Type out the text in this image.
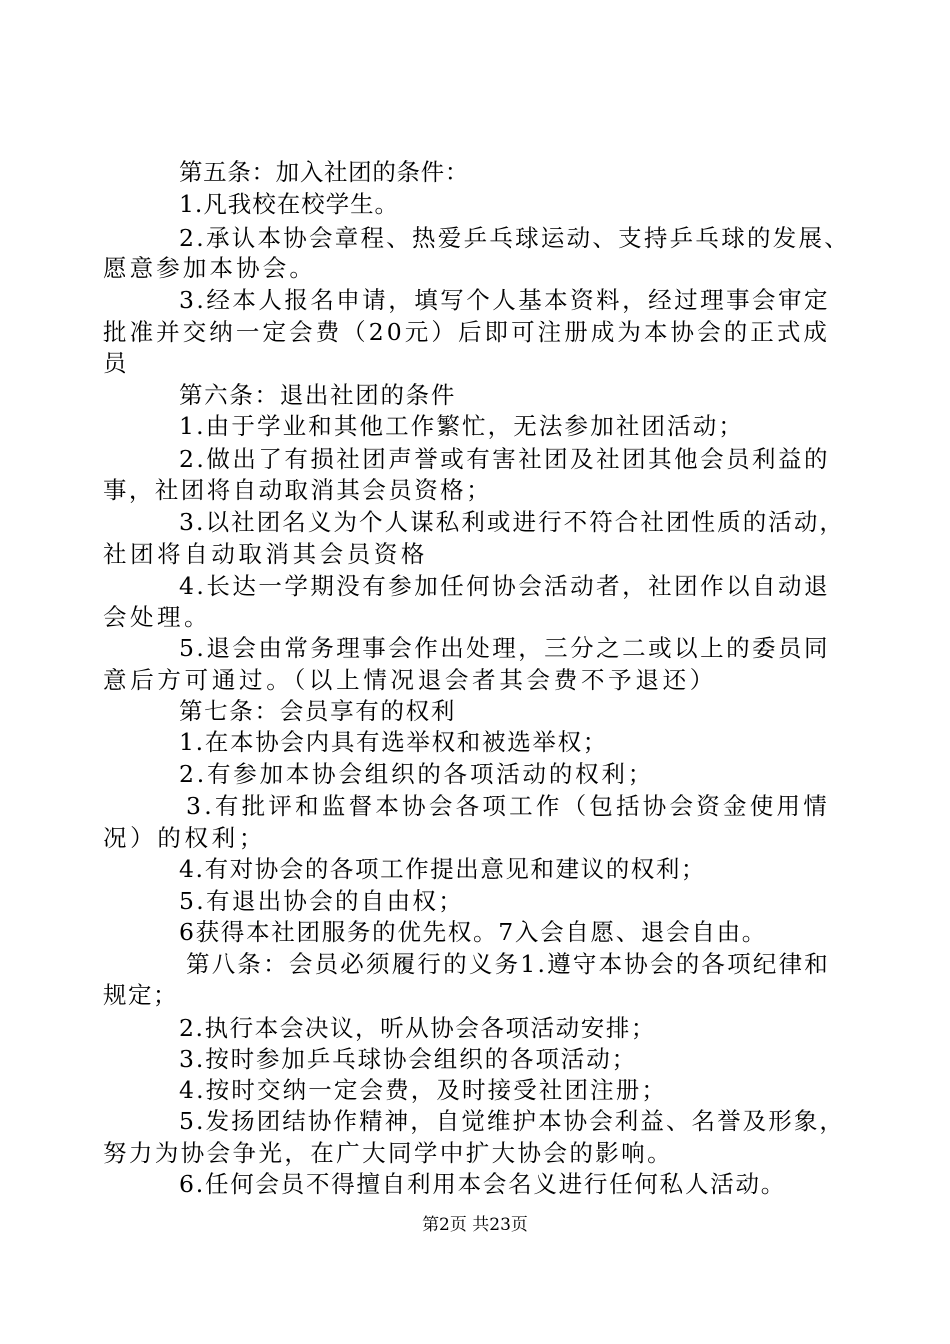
第五条：加入社团的条件：
1.凡我校在校学生。
2.承认本协会章程、热爱乒乓球运动、支持乒乓球的发展、
愿意参加本协会。
3.经本人报名申请，填写个人基本资料，经过理事会审定
批准并交纳一定会费（20元）后即可注册成为本协会的正式成
员
第六条：退出社团的条件
1.由于学业和其他工作繁忙，无法参加社团活动；
2.做出了有损社团声誉或有害社团及社团其他会员利益的
事，社团将自动取消其会员资格；
3.以社团名义为个人谋私利或进行不符合社团性质的活动，
社团将自动取消其会员资格
4.长达一学期没有参加任何协会活动者，社团作以自动退
会处理。
5.退会由常务理事会作出处理，三分之二或以上的委员同
意后方可通过。（以上情况退会者其会费不予退还）
第七条：会员享有的权利
1.在本协会内具有选举权和被选举权；
2.有参加本协会组织的各项活动的权利；
3.有批评和监督本协会各项工作（包括协会资金使用情
况）的权利；
4.有对协会的各项工作提出意见和建议的权利；
5.有退出协会的自由权；
6获得本社团服务的优先权。7入会自愿、退会自由。
第八条：会员必须履行的义务1.遵守本协会的各项纪律和
规定；
2.执行本会决议，听从协会各项活动安排；
3.按时参加乒乓球协会组织的各项活动；
4.按时交纳一定会费，及时接受社团注册；
5.发扬团结协作精神，自觉维护本协会利益、名誉及形象，
努力为协会争光，在广大同学中扩大协会的影响。
6.任何会员不得擅自利用本会名义进行任何私人活动。
第2页 共23页
